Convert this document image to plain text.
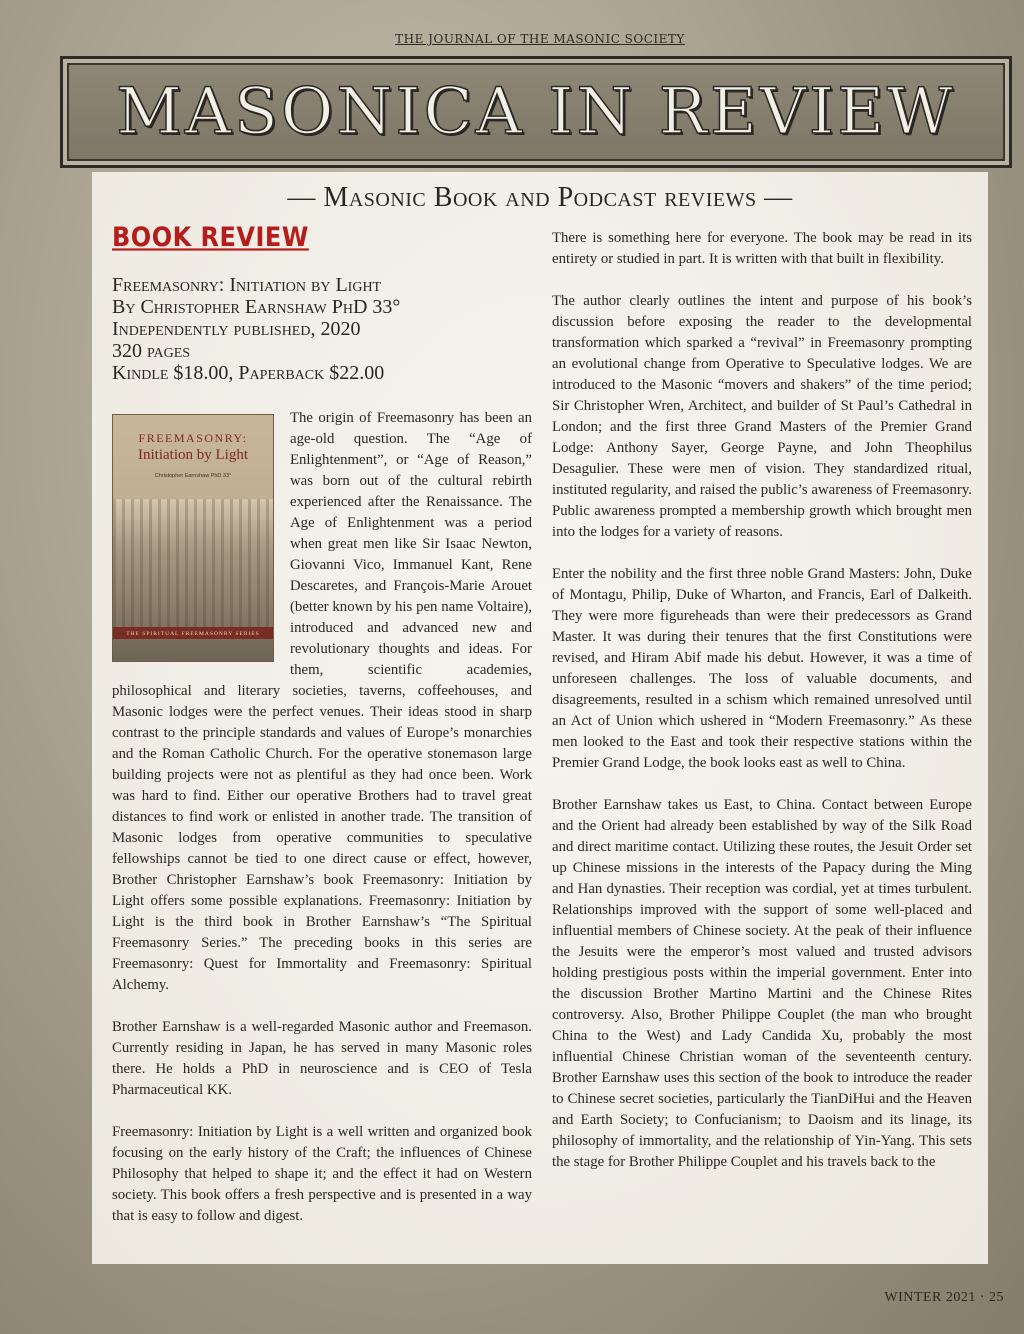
THE JOURNAL OF THE MASONIC SOCIETY
MASONICA IN REVIEW
— Masonic Book and Podcast reviews —
BOOK REVIEW
Freemasonry: Initiation by Light
By Christopher Earnshaw PhD 33°
Independently published, 2020
320 pages
Kindle $18.00, Paperback $22.00
FREEMASONRY:
Initiation by Light
Christopher Earnshaw PhD 33°
THE SPIRITUAL FREEMASONRY SERIES

The origin of Freemasonry has been an age-old question. The “Age of Enlightenment”, or “Age of Reason,” was born out of the cultural rebirth experienced after the Renaissance. The Age of Enlightenment was a period when great men like Sir Isaac Newton, Giovanni Vico, Immanuel Kant, Rene Descaretes, and François-Marie Arouet (better known by his pen name Voltaire), introduced and advanced new and revolutionary thoughts and ideas. For them, scientific academies, philosophical and literary societies, taverns, coffeehouses, and Masonic lodges were the perfect venues. Their ideas stood in sharp contrast to the principle standards and values of Europe’s monarchies and the Roman Catholic Church. For the operative stonemason large building projects were not as plentiful as they had once been. Work was hard to find. Either our operative Brothers had to travel great distances to find work or enlisted in another trade. The transition of Masonic lodges from operative communities to speculative fellowships cannot be tied to one direct cause or effect, however, Brother Christopher Earnshaw’s book Freemasonry: Initiation by Light offers some possible explanations. Freemasonry: Initiation by Light is the third book in Brother Earnshaw’s “The Spiritual Freemasonry Series.” The preceding books in this series are Freemasonry: Quest for Immortality and Freemasonry: Spiritual Alchemy.

Brother Earnshaw is a well-regarded Masonic author and Freemason. Currently residing in Japan, he has served in many Masonic roles there. He holds a PhD in neuroscience and is CEO of Tesla Pharmaceutical KK.

Freemasonry: Initiation by Light is a well written and organized book focusing on the early history of the Craft; the influences of Chinese Philosophy that helped to shape it; and the effect it had on Western society. This book offers a fresh perspective and is presented in a way that is easy to follow and digest.

There is something here for everyone. The book may be read in its entirety or studied in part. It is written with that built in flexibility.

The author clearly outlines the intent and purpose of his book’s discussion before exposing the reader to the developmental transformation which sparked a “revival” in Freemasonry prompting an evolutional change from Operative to Speculative lodges. We are introduced to the Masonic “movers and shakers” of the time period; Sir Christopher Wren, Architect, and builder of St Paul’s Cathedral in London; and the first three Grand Masters of the Premier Grand Lodge: Anthony Sayer, George Payne, and John Theophilus Desagulier. These were men of vision. They standardized ritual, instituted regularity, and raised the public’s awareness of Freemasonry. Public awareness prompted a membership growth which brought men into the lodges for a variety of reasons.

Enter the nobility and the first three noble Grand Masters: John, Duke of Montagu, Philip, Duke of Wharton, and Francis, Earl of Dalkeith. They were more figureheads than were their predecessors as Grand Master. It was during their tenures that the first Constitutions were revised, and Hiram Abif made his debut. However, it was a time of unforeseen challenges. The loss of valuable documents, and disagreements, resulted in a schism which remained unresolved until an Act of Union which ushered in “Modern Freemasonry.” As these men looked to the East and took their respective stations within the Premier Grand Lodge, the book looks east as well to China.

Brother Earnshaw takes us East, to China. Contact between Europe and the Orient had already been established by way of the Silk Road and direct maritime contact. Utilizing these routes, the Jesuit Order set up Chinese missions in the interests of the Papacy during the Ming and Han dynasties. Their reception was cordial, yet at times turbulent. Relationships improved with the support of some well-placed and influential members of Chinese society. At the peak of their influence the Jesuits were the emperor’s most valued and trusted advisors holding prestigious posts within the imperial government. Enter into the discussion Brother Martino Martini and the Chinese Rites controversy. Also, Brother Philippe Couplet (the man who brought China to the West) and Lady Candida Xu, probably the most influential Chinese Christian woman of the seventeenth century. Brother Earnshaw uses this section of the book to introduce the reader to Chinese secret societies, particularly the TianDiHui and the Heaven and Earth Society; to Confucianism; to Daoism and its linage, its philosophy of immortality, and the relationship of Yin-Yang. This sets the stage for Brother Philippe Couplet and his travels back to the

WINTER 2021 · 25
